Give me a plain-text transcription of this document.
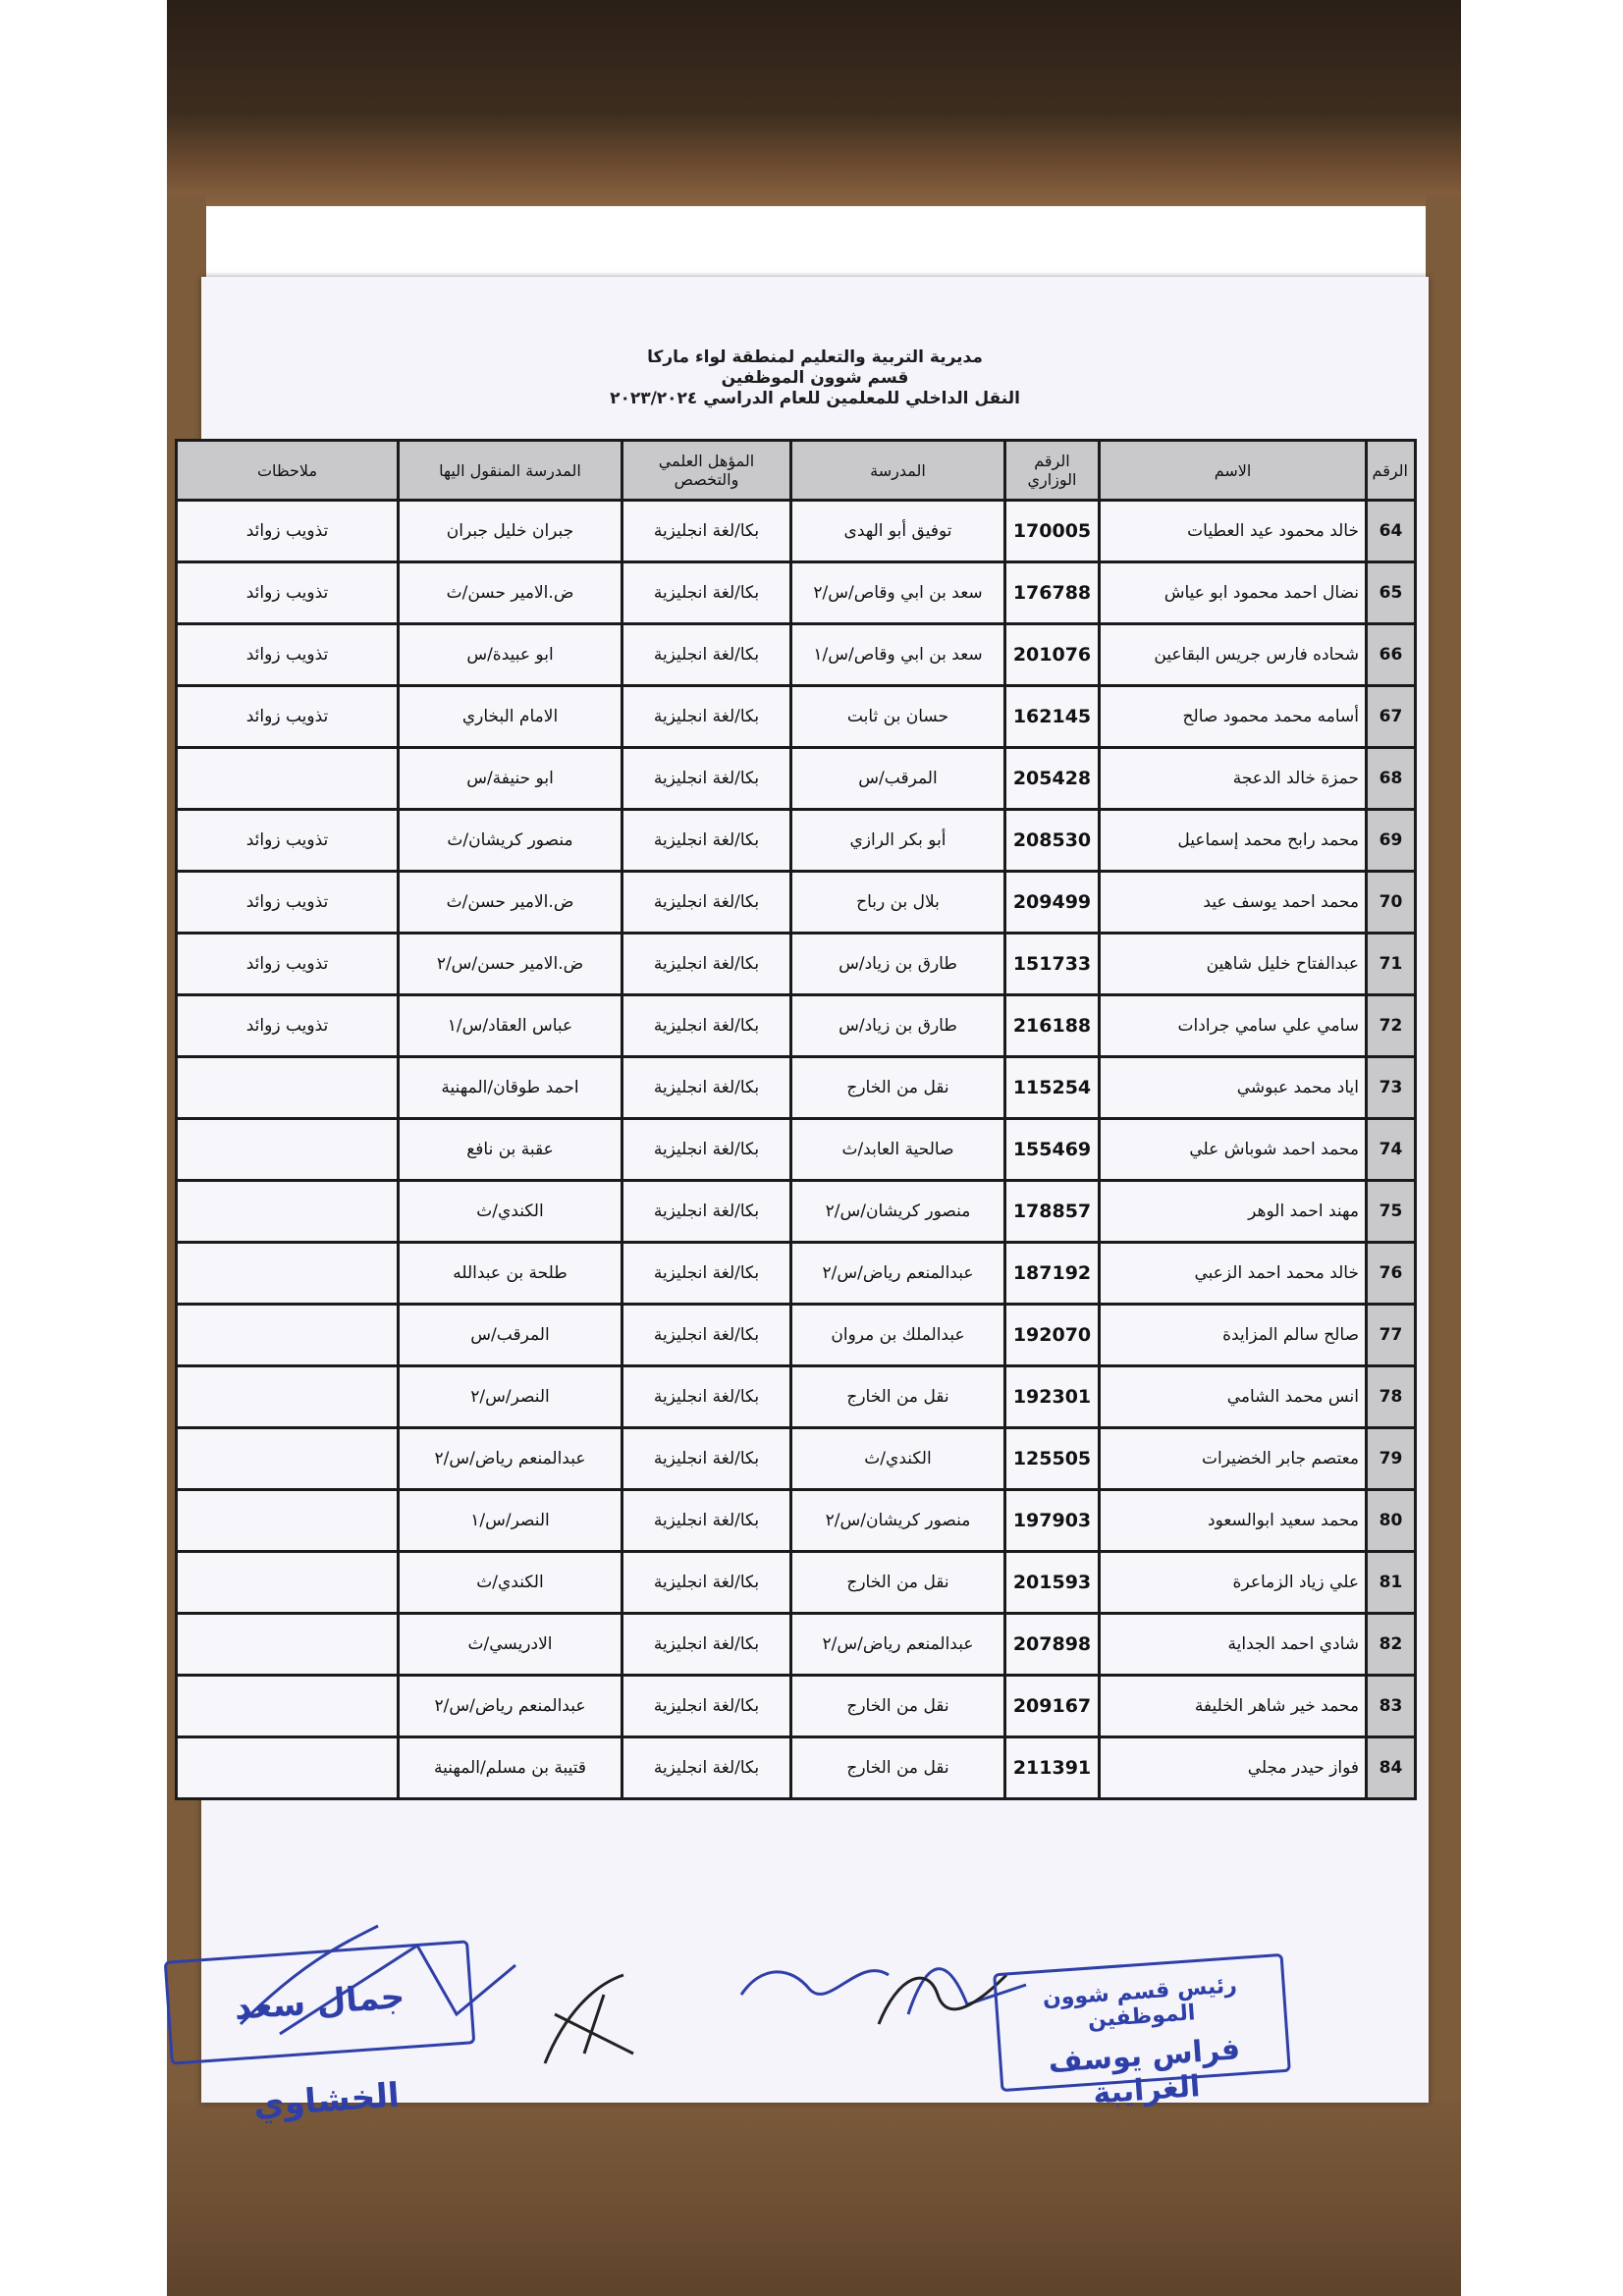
مديرية التربية والتعليم لمنطقة لواء ماركا
قسم شوون الموظفين
النقل الداخلي للمعلمين للعام الدراسي ٢٠٢٣/٢٠٢٤
الرقم	الاسم	الرقم الوزاري	المدرسة	المؤهل العلمي والتخصص	المدرسة المنقول اليها	ملاحظات
64	خالد محمود عيد العطيات	170005	توفيق أبو الهدى	بكا/لغة انجليزية	جبران خليل جبران	تذويب زوائد
65	نضال احمد محمود ابو عياش	176788	سعد بن ابي وقاص/س/٢	بكا/لغة انجليزية	ض.الامير حسن/ث	تذويب زوائد
66	شحاده فارس جريس البقاعين	201076	سعد بن ابي وقاص/س/١	بكا/لغة انجليزية	ابو عبيدة/س	تذويب زوائد
67	أسامه محمد محمود صالح	162145	حسان بن ثابت	بكا/لغة انجليزية	الامام البخاري	تذويب زوائد
68	حمزة خالد الدعجة	205428	المرقب/س	بكا/لغة انجليزية	ابو حنيفة/س	
69	محمد رابح محمد إسماعيل	208530	أبو بكر الرازي	بكا/لغة انجليزية	منصور كريشان/ث	تذويب زوائد
70	محمد احمد يوسف عيد	209499	بلال بن رباح	بكا/لغة انجليزية	ض.الامير حسن/ث	تذويب زوائد
71	عبدالفتاح خليل شاهين	151733	طارق بن زياد/س	بكا/لغة انجليزية	ض.الامير حسن/س/٢	تذويب زوائد
72	سامي علي سامي جرادات	216188	طارق بن زياد/س	بكا/لغة انجليزية	عباس العقاد/س/١	تذويب زوائد
73	اياد محمد عبوشي	115254	نقل من الخارج	بكا/لغة انجليزية	احمد طوقان/المهنية	
74	محمد احمد شوباش علي	155469	صالحية العابد/ث	بكا/لغة انجليزية	عقبة بن نافع	
75	مهند احمد الوهر	178857	منصور كريشان/س/٢	بكا/لغة انجليزية	الكندي/ث	
76	خالد محمد احمد الزعبي	187192	عبدالمنعم رياض/س/٢	بكا/لغة انجليزية	طلحة بن عبدالله	
77	صالح سالم المزايدة	192070	عبدالملك بن مروان	بكا/لغة انجليزية	المرقب/س	
78	انس محمد الشامي	192301	نقل من الخارج	بكا/لغة انجليزية	النصر/س/٢	
79	معتصم جابر الخضيرات	125505	الكندي/ث	بكا/لغة انجليزية	عبدالمنعم رياض/س/٢	
80	محمد سعيد ابوالسعود	197903	منصور كريشان/س/٢	بكا/لغة انجليزية	النصر/س/١	
81	علي زياد الزماعرة	201593	نقل من الخارج	بكا/لغة انجليزية	الكندي/ث	
82	شادي احمد الجداية	207898	عبدالمنعم رياض/س/٢	بكا/لغة انجليزية	الادريسي/ث	
83	محمد خير شاهر الخليفة	209167	نقل من الخارج	بكا/لغة انجليزية	عبدالمنعم رياض/س/٢	
84	فواز حيدر مجلي	211391	نقل من الخارج	بكا/لغة انجليزية	قتيبة بن مسلم/المهنية	
جمال سعد الخشاوي
رئيس قسم شوون الموظفين
فراس يوسف الغرايبة
